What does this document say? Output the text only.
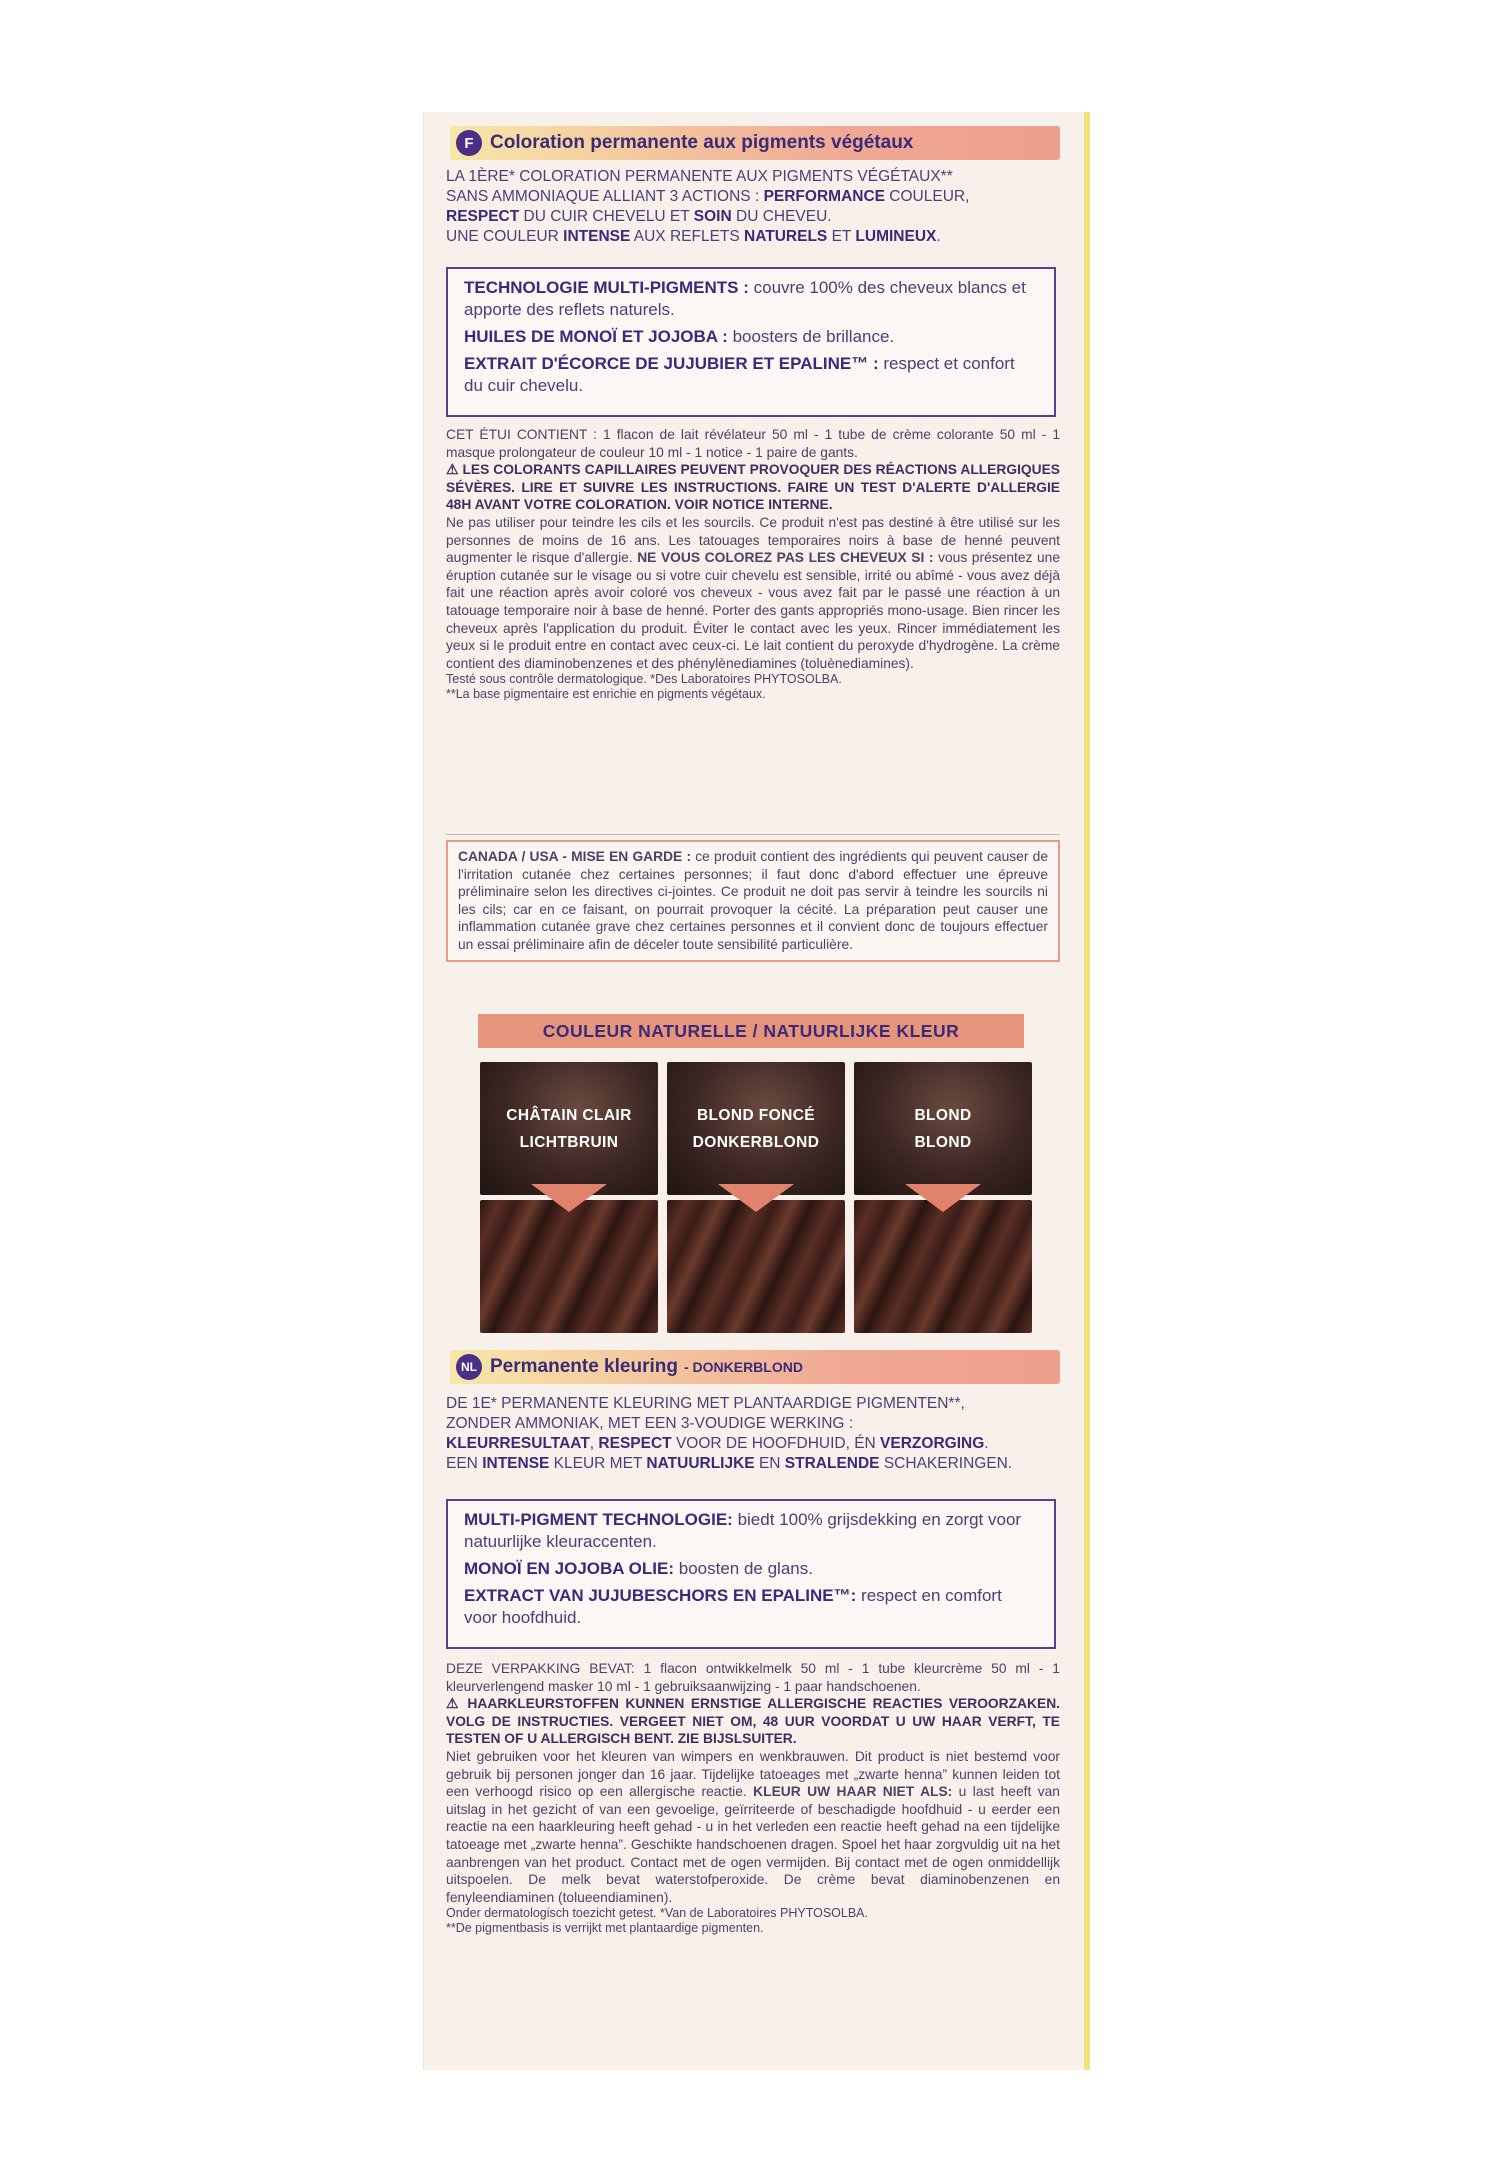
F Coloration permanente aux pigments végétaux
LA 1ÈRE* COLORATION PERMANENTE AUX PIGMENTS VÉGÉTAUX**
SANS AMMONIAQUE ALLIANT 3 ACTIONS : PERFORMANCE COULEUR,
RESPECT DU CUIR CHEVELU ET SOIN DU CHEVEU.
UNE COULEUR INTENSE AUX REFLETS NATURELS ET LUMINEUX.

TECHNOLOGIE MULTI-PIGMENTS : couvre 100% des cheveux blancs et apporte des reflets naturels.

HUILES DE MONOÏ ET JOJOBA : boosters de brillance.

EXTRAIT D'ÉCORCE DE JUJUBIER ET EPALINE™ : respect et confort du cuir chevelu.

CET ÉTUI CONTIENT : 1 flacon de lait révélateur 50 ml - 1 tube de crème colorante 50 ml - 1 masque prolongateur de couleur 10 ml - 1 notice - 1 paire de gants.

⚠ LES COLORANTS CAPILLAIRES PEUVENT PROVOQUER DES RÉACTIONS ALLERGIQUES SÉVÈRES. LIRE ET SUIVRE LES INSTRUCTIONS. FAIRE UN TEST D'ALERTE D'ALLERGIE 48H AVANT VOTRE COLORATION. VOIR NOTICE INTERNE.

Ne pas utiliser pour teindre les cils et les sourcils. Ce produit n'est pas destiné à être utilisé sur les personnes de moins de 16 ans. Les tatouages temporaires noirs à base de henné peuvent augmenter le risque d'allergie. NE VOUS COLOREZ PAS LES CHEVEUX SI : vous présentez une éruption cutanée sur le visage ou si votre cuir chevelu est sensible, irrité ou abîmé - vous avez déjà fait une réaction après avoir coloré vos cheveux - vous avez fait par le passé une réaction à un tatouage temporaire noir à base de henné. Porter des gants appropriés mono-usage. Bien rincer les cheveux après l'application du produit. Éviter le contact avec les yeux. Rincer immédiatement les yeux si le produit entre en contact avec ceux-ci. Le lait contient du peroxyde d'hydrogène. La crème contient des diaminobenzenes et des phénylènediamines (toluènediamines).

Testé sous contrôle dermatologique. *Des Laboratoires PHYTOSOLBA.

**La base pigmentaire est enrichie en pigments végétaux.

CANADA / USA - MISE EN GARDE : ce produit contient des ingrédients qui peuvent causer de l'irritation cutanée chez certaines personnes; il faut donc d'abord effectuer une épreuve préliminaire selon les directives ci-jointes. Ce produit ne doit pas servir à teindre les sourcils ni les cils; car en ce faisant, on pourrait provoquer la cécité. La préparation peut causer une inflammation cutanée grave chez certaines personnes et il convient donc de toujours effectuer un essai préliminaire afin de déceler toute sensibilité particulière.
COULEUR NATURELLE / NATUURLIJKE KLEUR
CHÂTAIN CLAIR
LICHTBRUIN
BLOND FONCÉ
DONKERBLOND
BLOND
BLOND
NL Permanente kleuring - DONKERBLOND
DE 1E* PERMANENTE KLEURING MET PLANTAARDIGE PIGMENTEN**,
ZONDER AMMONIAK, MET EEN 3-VOUDIGE WERKING :
KLEURRESULTAAT, RESPECT VOOR DE HOOFDHUID, ÉN VERZORGING.
EEN INTENSE KLEUR MET NATUURLIJKE EN STRALENDE SCHAKERINGEN.

MULTI-PIGMENT TECHNOLOGIE: biedt 100% grijsdekking en zorgt voor natuurlijke kleuraccenten.

MONOÏ EN JOJOBA OLIE: boosten de glans.

EXTRACT VAN JUJUBESCHORS EN EPALINE™: respect en comfort voor hoofdhuid.

DEZE VERPAKKING BEVAT: 1 flacon ontwikkelmelk 50 ml - 1 tube kleurcrème 50 ml - 1 kleurverlengend masker 10 ml - 1 gebruiksaanwijzing - 1 paar handschoenen.

⚠ HAARKLEURSTOFFEN KUNNEN ERNSTIGE ALLERGISCHE REACTIES VEROORZAKEN. VOLG DE INSTRUCTIES. VERGEET NIET OM, 48 UUR VOORDAT U UW HAAR VERFT, TE TESTEN OF U ALLERGISCH BENT. ZIE BIJSLSUITER.

Niet gebruiken voor het kleuren van wimpers en wenkbrauwen. Dit product is niet bestemd voor gebruik bij personen jonger dan 16 jaar. Tijdelijke tatoeages met „zwarte henna” kunnen leiden tot een verhoogd risico op een allergische reactie. KLEUR UW HAAR NIET ALS: u last heeft van uitslag in het gezicht of van een gevoelige, geïrriteerde of beschadigde hoofdhuid - u eerder een reactie na een haarkleuring heeft gehad - u in het verleden een reactie heeft gehad na een tijdelijke tatoeage met „zwarte henna”. Geschikte handschoenen dragen. Spoel het haar zorgvuldig uit na het aanbrengen van het product. Contact met de ogen vermijden. Bij contact met de ogen onmiddellijk uitspoelen. De melk bevat waterstofperoxide. De crème bevat diaminobenzenen en fenyleendiaminen (tolueendiaminen).

Onder dermatologisch toezicht getest. *Van de Laboratoires PHYTOSOLBA.

**De pigmentbasis is verrijkt met plantaardige pigmenten.
